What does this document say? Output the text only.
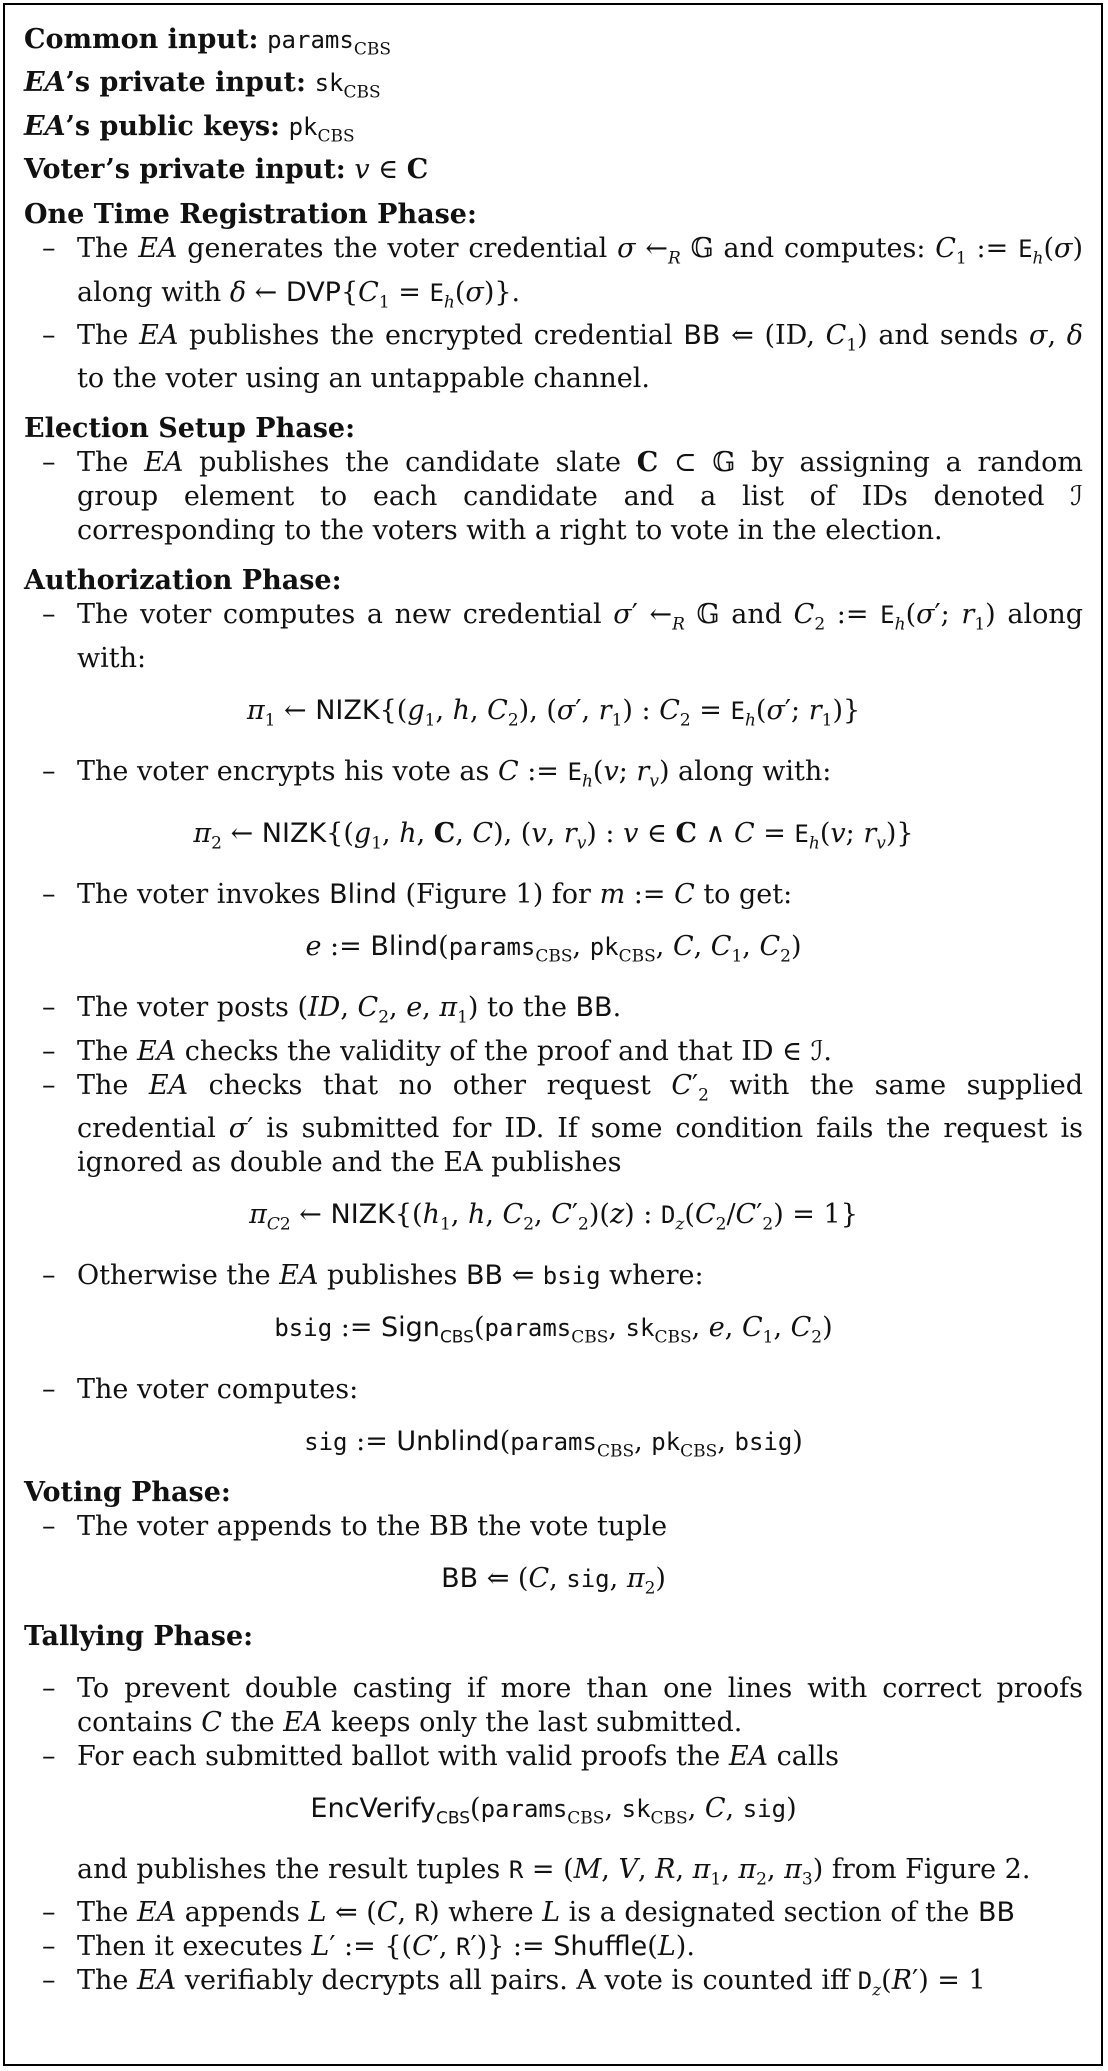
Common input: params$_{CBS}$
EA’s private input: $sk_{CBS}$
EA’s public keys: $pk_{CBS}$
Voter’s private input: v ∈ C
One Time Registration Phase:
– The EA generates the voter credential σ $\leftarrow_R$ 𝔾 and computes: $C_1$ := $E_h(\sigma)$ along with δ ← $DVP\{C_1 = E_h(\sigma)\}$.
– The EA publishes the encrypted credential BB ⇐ (ID, $C_1$) and sends σ, δ to the voter using an untappable channel.
Election Setup Phase:
– The EA publishes the candidate slate C ⊂ 𝔾 by assigning a random group element to each candidate and a list of IDs denoted ℐ corresponding to the voters with a right to vote in the election.
Authorization Phase:
– The voter computes a new credential σ′ $\leftarrow_R$ 𝔾 and $C_2$ := $E_h(\sigma'$; $r_1$) along with:
$\pi_1$ ← $NIZK\{(g_1$, h, $C_2$), (σ′, $r_1$) : $C_2 = E_h(\sigma'$; $r_1$)}
– The voter encrypts his vote as C := $E_h(v$; $r_v$) along with:
$\pi_2$ ← $NIZK\{(g_1$, h, C, C), (v, $r_v$) : v ∈ C ∧ $C = E_h(v$; $r_v$)}
– The voter invokes Blind (Figure 1) for m := C to get:
e := Blind(params$_{CBS}$, $pk_{CBS}$, C, $C_1$, $C_2$)
– The voter posts (ID, $C_2$, e, $\pi_1$) to the BB.
– The EA checks the validity of the proof and that ID ∈ ℐ.
– The EA checks that no other request $C'_2$ with the same supplied credential σ′ is submitted for ID. If some condition fails the request is ignored as double and the EA publishes
$\pi_{C2}$ ← $NIZK\{(h_1$, h, $C_2$, $C'_2)(z)$ : $D_z(C_2/C'_2) = 1$}
– Otherwise the EA publishes BB ⇐ bsig where:
bsig := Sign$_{CBS}$(params$_{CBS}$, $sk_{CBS}$, e, $C_1$, $C_2$)
– The voter computes:
sig := Unblind(params$_{CBS}$, $pk_{CBS}$, bsig)
Voting Phase:
– The voter appends to the BB the vote tuple
BB ⇐ (C, sig, $\pi_2$)
Tallying Phase:
– To prevent double casting if more than one lines with correct proofs contains C the EA keeps only the last submitted.
– For each submitted ballot with valid proofs the EA calls
EncVerify$_{CBS}$(params$_{CBS}$, $sk_{CBS}$, C, sig)
and publishes the result tuples R = (M, V, R, $\pi_1$, $\pi_2$, $\pi_3$) from Figure 2.
– The EA appends L ⇐ (C, R) where L is a designated section of the BB
– Then it executes L′ := {(C′, R′)} := Shuffle(L).
– The EA verifiably decrypts all pairs. A vote is counted iff $D_z(R') = 1$
